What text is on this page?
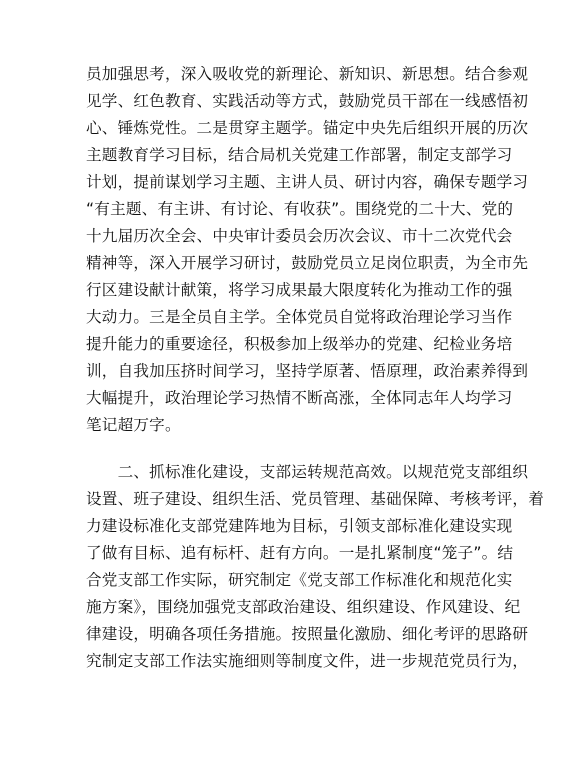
员加强思考，深入吸收党的新理论、新知识、新思想。结合参观
见学、红色教育、实践活动等方式，鼓励党员干部在一线感悟初
心、锤炼党性。二是贯穿主题学。锚定中央先后组织开展的历次
主题教育学习目标，结合局机关党建工作部署，制定支部学习
计划，提前谋划学习主题、主讲人员、研讨内容，确保专题学习
“有主题、有主讲、有讨论、有收获”。围绕党的二十大、党的
十九届历次全会、中央审计委员会历次会议、市十二次党代会
精神等，深入开展学习研讨，鼓励党员立足岗位职责，为全市先
行区建设献计献策，将学习成果最大限度转化为推动工作的强
大动力。三是全员自主学。全体党员自觉将政治理论学习当作
提升能力的重要途径，积极参加上级举办的党建、纪检业务培
训，自我加压挤时间学习，坚持学原著、悟原理，政治素养得到
大幅提升，政治理论学习热情不断高涨，全体同志年人均学习
笔记超万字。
　　二、抓标准化建设，支部运转规范高效。以规范党支部组织
设置、班子建设、组织生活、党员管理、基础保障、考核考评，着
力建设标准化支部党建阵地为目标，引领支部标准化建设实现
了做有目标、追有标杆、赶有方向。一是扎紧制度“笼子”。结
合党支部工作实际，研究制定《党支部工作标准化和规范化实
施方案》，围绕加强党支部政治建设、组织建设、作风建设、纪
律建设，明确各项任务措施。按照量化激励、细化考评的思路研
究制定支部工作法实施细则等制度文件，进一步规范党员行为，
